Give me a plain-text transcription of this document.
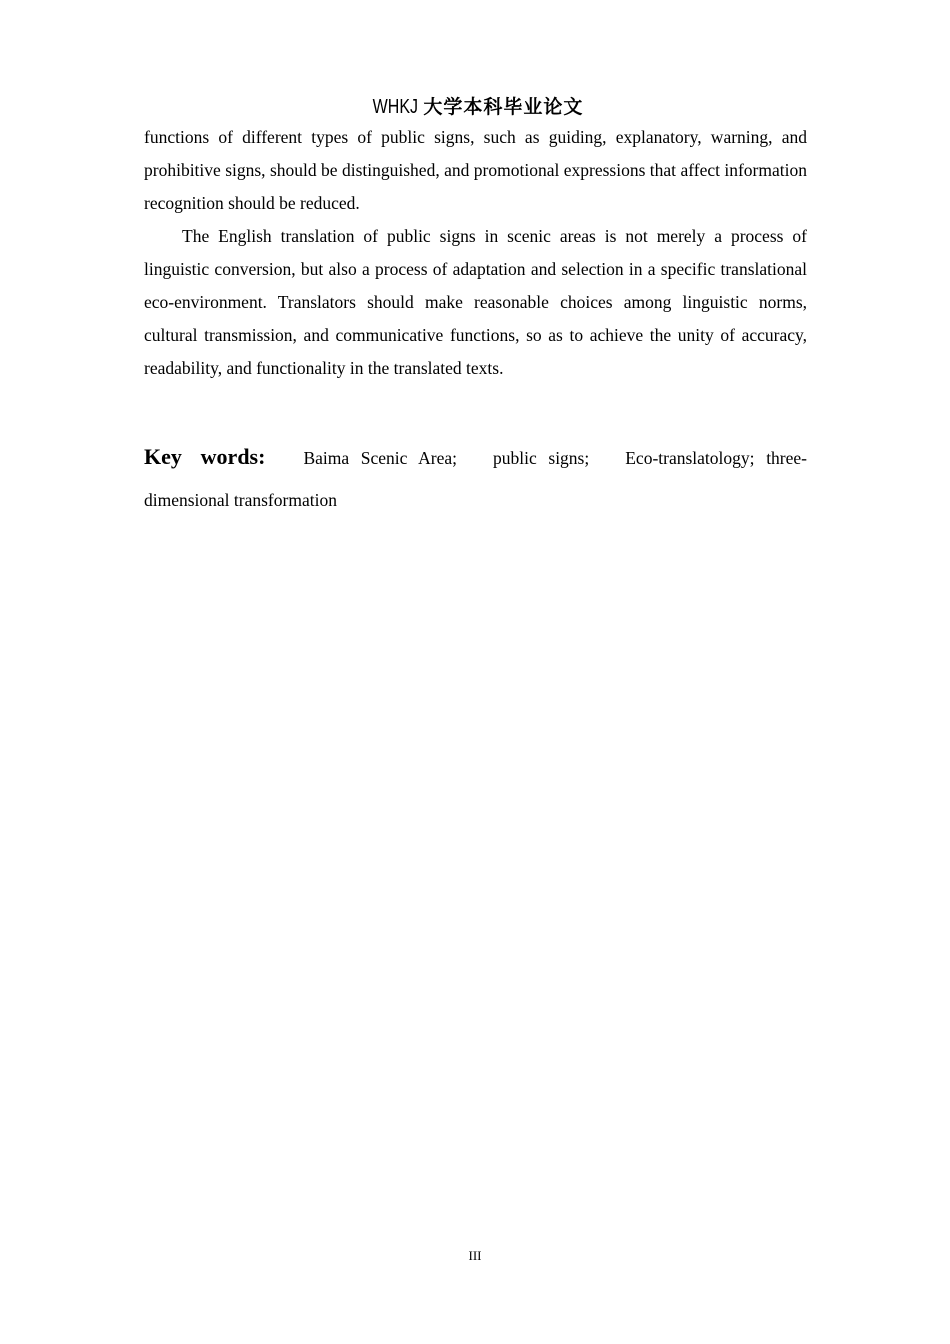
WHKJ 大学本科毕业论文

functions of different types of public signs, such as guiding, explanatory, warning, and prohibitive signs, should be distinguished, and promotional expressions that affect information recognition should be reduced.

The English translation of public signs in scenic areas is not merely a process of linguistic conversion, but also a process of adaptation and selection in a specific translational eco-environment. Translators should make reasonable choices among linguistic norms, cultural transmission, and communicative functions, so as to achieve the unity of accuracy, readability, and functionality in the translated texts.

Key words: Baima Scenic Area; public signs; Eco-translatology; three-dimensional transformation
III
